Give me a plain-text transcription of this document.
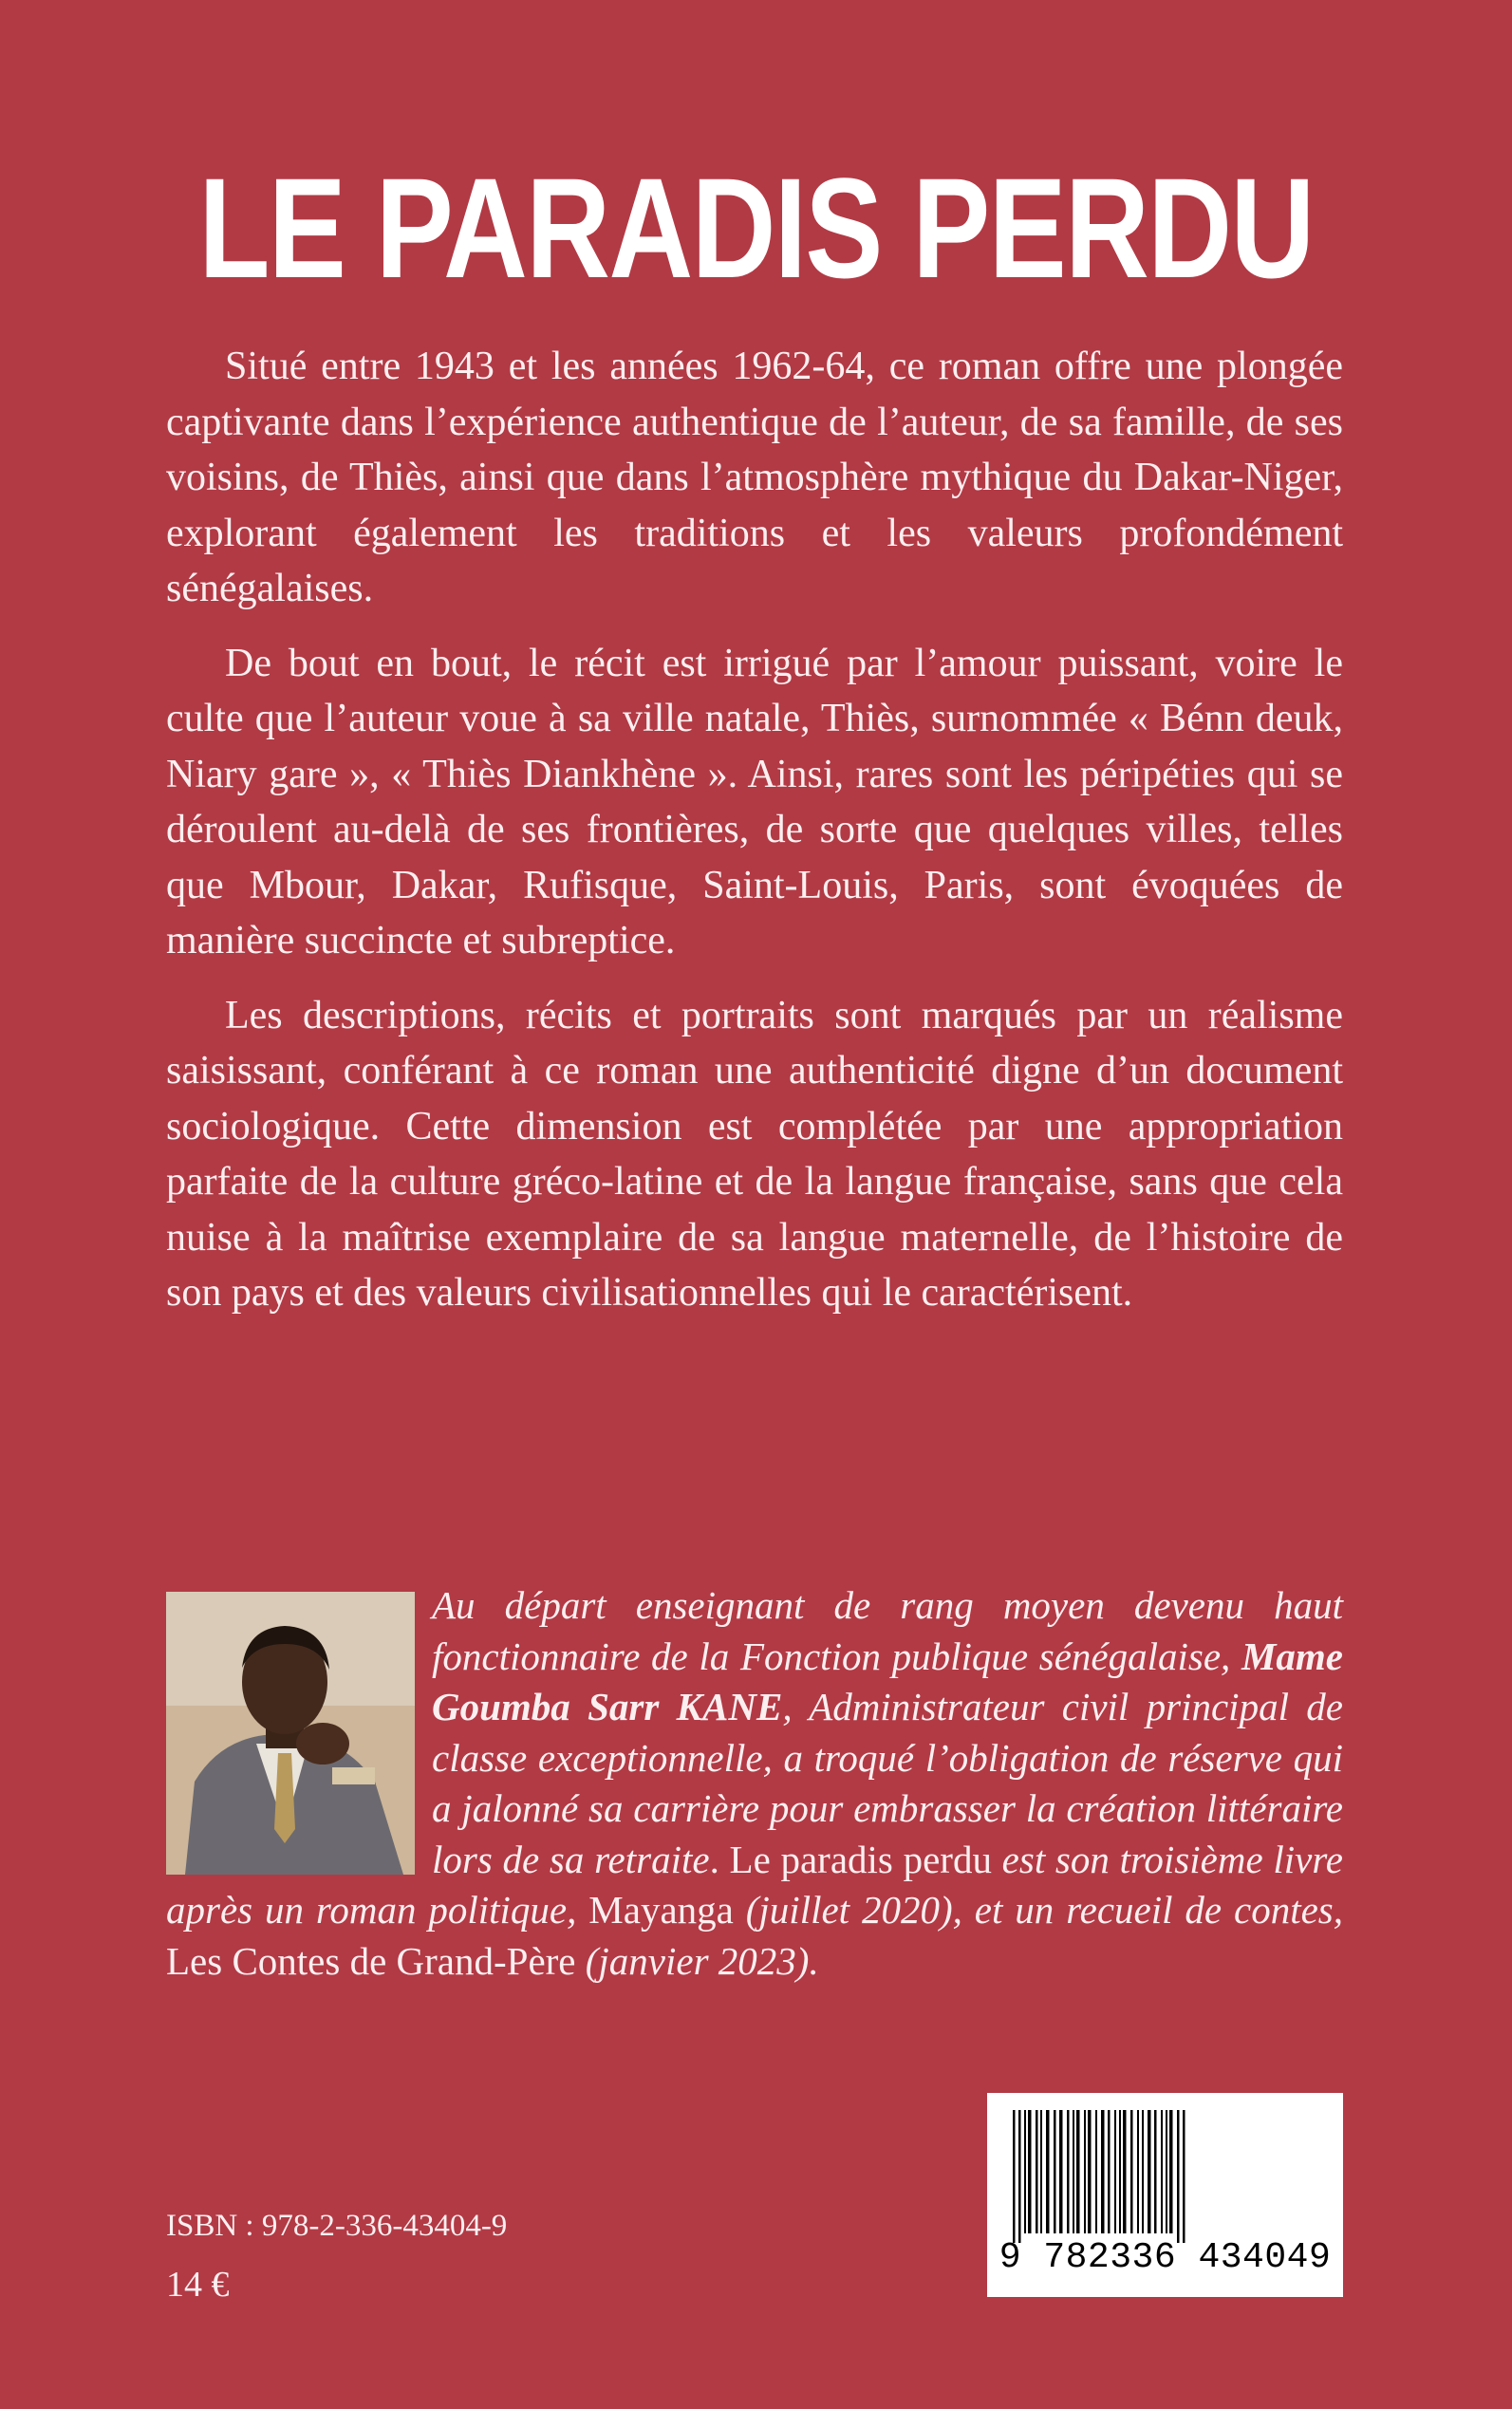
LE PARADIS PERDU

Situé entre 1943 et les années 1962-64, ce roman offre une plongée captivante dans l’expérience authentique de l’auteur, de sa famille, de ses voisins, de Thiès, ainsi que dans l’atmosphère mythique du Dakar-Niger, explorant également les traditions et les valeurs profondément sénégalaises.

De bout en bout, le récit est irrigué par l’amour puissant, voire le culte que l’auteur voue à sa ville natale, Thiès, surnommée « Bénn deuk, Niary gare », « Thiès Diankhène ». Ainsi, rares sont les péripéties qui se déroulent au-delà de ses frontières, de sorte que quelques villes, telles que Mbour, Dakar, Rufisque, Saint-Louis, Paris, sont évoquées de manière succincte et subreptice.

Les descriptions, récits et portraits sont marqués par un réalisme saisissant, conférant à ce roman une authenticité digne d’un document sociologique. Cette dimension est complétée par une appropriation parfaite de la culture gréco-latine et de la langue française, sans que cela nuise à la maîtrise exemplaire de sa langue maternelle, de l’histoire de son pays et des valeurs civilisationnelles qui le caractérisent.

Au départ enseignant de rang moyen devenu haut fonctionnaire de la Fonction publique sénégalaise, Mame Goumba Sarr KANE, Administrateur civil principal de classe exceptionnelle, a troqué l’obligation de réserve qui a jalonné sa carrière pour embrasser la création littéraire lors de sa retraite. Le paradis perdu est son troisième livre après un roman politique, Mayanga (juillet 2020), et un recueil de contes, Les Contes de Grand-Père (janvier 2023).
ISBN : 978-2-336-43404-9
14 €
9 782336 434049
